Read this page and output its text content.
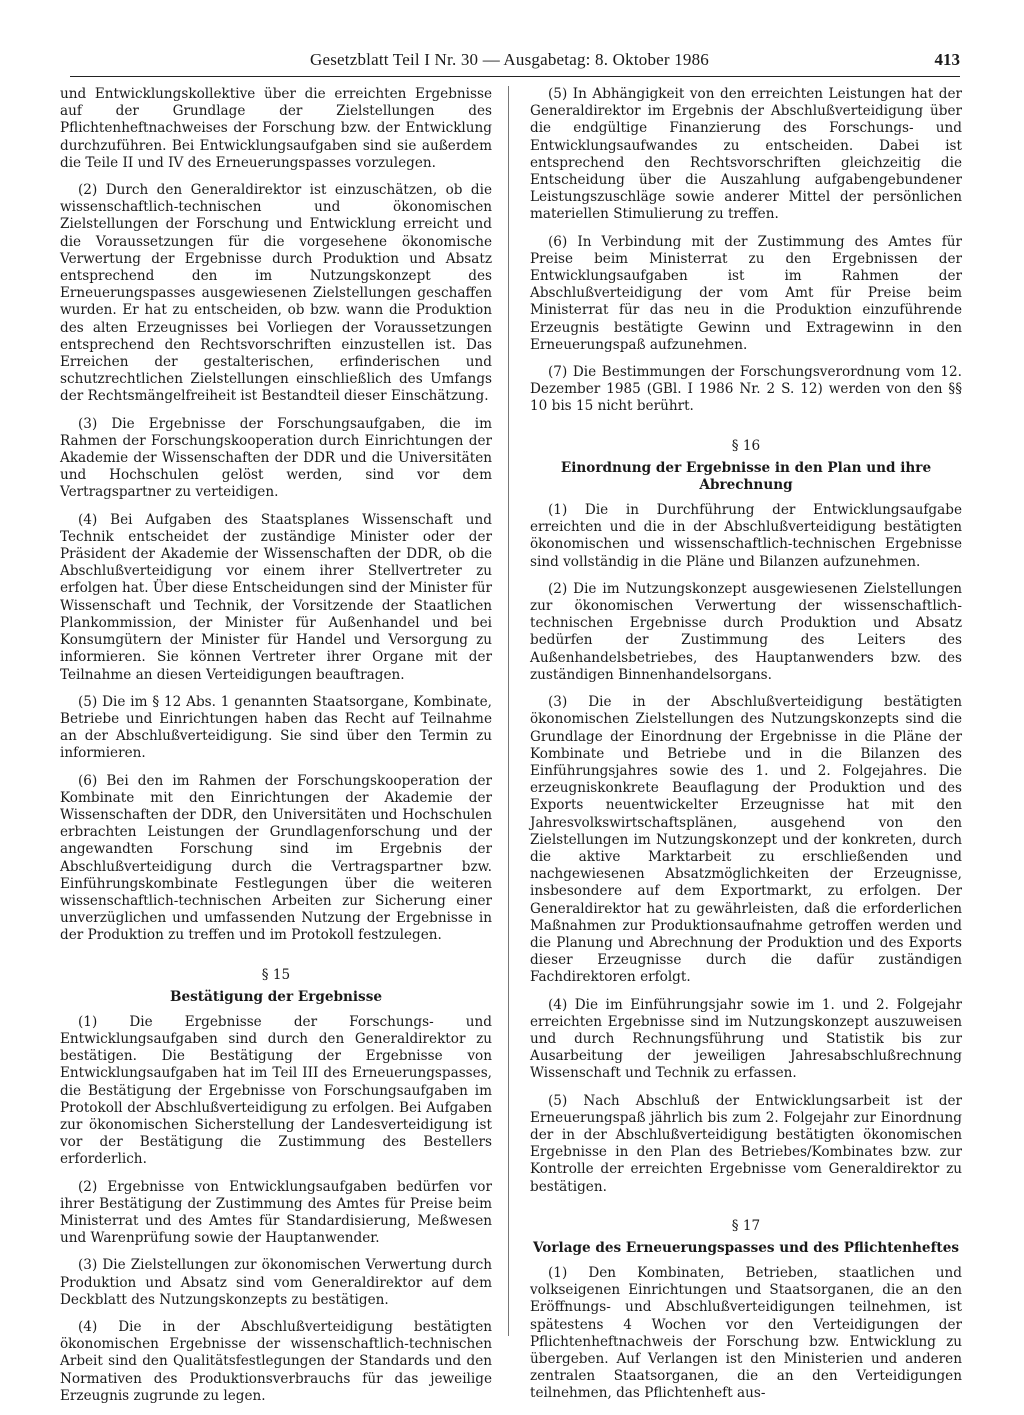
Gesetzblatt Teil I Nr. 30 — Ausgabetag: 8. Oktober 1986	413

und Entwicklungskollektive über die erreichten Ergebnisse auf der Grundlage der Zielstellungen des Pflichtenheftnachweises der Forschung bzw. der Entwicklung durchzuführen. Bei Entwicklungsaufgaben sind sie außerdem die Teile II und IV des Erneuerungspasses vorzulegen.

(2) Durch den Generaldirektor ist einzuschätzen, ob die wissenschaftlich-technischen und ökonomischen Zielstellungen der Forschung und Entwicklung erreicht und die Voraussetzungen für die vorgesehene ökonomische Verwertung der Ergebnisse durch Produktion und Absatz entsprechend den im Nutzungskonzept des Erneuerungspasses ausgewiesenen Zielstellungen geschaffen wurden. Er hat zu entscheiden, ob bzw. wann die Produktion des alten Erzeugnisses bei Vorliegen der Voraussetzungen entsprechend den Rechtsvorschriften einzustellen ist. Das Erreichen der gestalterischen, erfinderischen und schutzrechtlichen Zielstellungen einschließlich des Umfangs der Rechtsmängelfreiheit ist Bestandteil dieser Einschätzung.

(3) Die Ergebnisse der Forschungsaufgaben, die im Rahmen der Forschungskooperation durch Einrichtungen der Akademie der Wissenschaften der DDR und die Universitäten und Hochschulen gelöst werden, sind vor dem Vertragspartner zu verteidigen.

(4) Bei Aufgaben des Staatsplanes Wissenschaft und Technik entscheidet der zuständige Minister oder der Präsident der Akademie der Wissenschaften der DDR, ob die Abschlußverteidigung vor einem ihrer Stellvertreter zu erfolgen hat. Über diese Entscheidungen sind der Minister für Wissenschaft und Technik, der Vorsitzende der Staatlichen Plankommission, der Minister für Außenhandel und bei Konsumgütern der Minister für Handel und Versorgung zu informieren. Sie können Vertreter ihrer Organe mit der Teilnahme an diesen Verteidigungen beauftragen.

(5) Die im § 12 Abs. 1 genannten Staatsorgane, Kombinate, Betriebe und Einrichtungen haben das Recht auf Teilnahme an der Abschlußverteidigung. Sie sind über den Termin zu informieren.

(6) Bei den im Rahmen der Forschungskooperation der Kombinate mit den Einrichtungen der Akademie der Wissenschaften der DDR, den Universitäten und Hochschulen erbrachten Leistungen der Grundlagenforschung und der angewandten Forschung sind im Ergebnis der Abschlußverteidigung durch die Vertragspartner bzw. Einführungskombinate Festlegungen über die weiteren wissenschaftlich-technischen Arbeiten zur Sicherung einer unverzüglichen und umfassenden Nutzung der Ergebnisse in der Produktion zu treffen und im Protokoll festzulegen.

§ 15
Bestätigung der Ergebnisse

(1) Die Ergebnisse der Forschungs- und Entwicklungsaufgaben sind durch den Generaldirektor zu bestätigen. Die Bestätigung der Ergebnisse von Entwicklungsaufgaben hat im Teil III des Erneuerungspasses, die Bestätigung der Ergebnisse von Forschungsaufgaben im Protokoll der Abschlußverteidigung zu erfolgen. Bei Aufgaben zur ökonomischen Sicherstellung der Landesverteidigung ist vor der Bestätigung die Zustimmung des Bestellers erforderlich.

(2) Ergebnisse von Entwicklungsaufgaben bedürfen vor ihrer Bestätigung der Zustimmung des Amtes für Preise beim Ministerrat und des Amtes für Standardisierung, Meßwesen und Warenprüfung sowie der Hauptanwender.

(3) Die Zielstellungen zur ökonomischen Verwertung durch Produktion und Absatz sind vom Generaldirektor auf dem Deckblatt des Nutzungskonzepts zu bestätigen.

(4) Die in der Abschlußverteidigung bestätigten ökonomischen Ergebnisse der wissenschaftlich-technischen Arbeit sind den Qualitätsfestlegungen der Standards und den Normativen des Produktionsverbrauchs für das jeweilige Erzeugnis zugrunde zu legen.

(5) In Abhängigkeit von den erreichten Leistungen hat der Generaldirektor im Ergebnis der Abschlußverteidigung über die endgültige Finanzierung des Forschungs- und Entwicklungsaufwandes zu entscheiden. Dabei ist entsprechend den Rechtsvorschriften gleichzeitig die Entscheidung über die Auszahlung aufgabengebundener Leistungszuschläge sowie anderer Mittel der persönlichen materiellen Stimulierung zu treffen.

(6) In Verbindung mit der Zustimmung des Amtes für Preise beim Ministerrat zu den Ergebnissen der Entwicklungsaufgaben ist im Rahmen der Abschlußverteidigung der vom Amt für Preise beim Ministerrat für das neu in die Produktion einzuführende Erzeugnis bestätigte Gewinn und Extragewinn in den Erneuerungspaß aufzunehmen.

(7) Die Bestimmungen der Forschungsverordnung vom 12. Dezember 1985 (GBl. I 1986 Nr. 2 S. 12) werden von den §§ 10 bis 15 nicht berührt.

§ 16
Einordnung der Ergebnisse in den Plan und ihre Abrechnung

(1) Die in Durchführung der Entwicklungsaufgabe erreichten und die in der Abschlußverteidigung bestätigten ökonomischen und wissenschaftlich-technischen Ergebnisse sind vollständig in die Pläne und Bilanzen aufzunehmen.

(2) Die im Nutzungskonzept ausgewiesenen Zielstellungen zur ökonomischen Verwertung der wissenschaftlich-technischen Ergebnisse durch Produktion und Absatz bedürfen der Zustimmung des Leiters des Außenhandelsbetriebes, des Hauptanwenders bzw. des zuständigen Binnenhandelsorgans.

(3) Die in der Abschlußverteidigung bestätigten ökonomischen Zielstellungen des Nutzungskonzepts sind die Grundlage der Einordnung der Ergebnisse in die Pläne der Kombinate und Betriebe und in die Bilanzen des Einführungsjahres sowie des 1. und 2. Folgejahres. Die erzeugniskonkrete Beauflagung der Produktion und des Exports neuentwickelter Erzeugnisse hat mit den Jahresvolkswirtschaftsplänen, ausgehend von den Zielstellungen im Nutzungskonzept und der konkreten, durch die aktive Marktarbeit zu erschließenden und nachgewiesenen Absatzmöglichkeiten der Erzeugnisse, insbesondere auf dem Exportmarkt, zu erfolgen. Der Generaldirektor hat zu gewährleisten, daß die erforderlichen Maßnahmen zur Produktionsaufnahme getroffen werden und die Planung und Abrechnung der Produktion und des Exports dieser Erzeugnisse durch die dafür zuständigen Fachdirektoren erfolgt.

(4) Die im Einführungsjahr sowie im 1. und 2. Folgejahr erreichten Ergebnisse sind im Nutzungskonzept auszuweisen und durch Rechnungsführung und Statistik bis zur Ausarbeitung der jeweiligen Jahresabschlußrechnung Wissenschaft und Technik zu erfassen.

(5) Nach Abschluß der Entwicklungsarbeit ist der Erneuerungspaß jährlich bis zum 2. Folgejahr zur Einordnung der in der Abschlußverteidigung bestätigten ökonomischen Ergebnisse in den Plan des Betriebes/Kombinates bzw. zur Kontrolle der erreichten Ergebnisse vom Generaldirektor zu bestätigen.

§ 17
Vorlage des Erneuerungspasses und des Pflichtenheftes

(1) Den Kombinaten, Betrieben, staatlichen und volkseigenen Einrichtungen und Staatsorganen, die an den Eröffnungs- und Abschlußverteidigungen teilnehmen, ist spätestens 4 Wochen vor den Verteidigungen der Pflichtenheftnachweis der Forschung bzw. Entwicklung zu übergeben. Auf Verlangen ist den Ministerien und anderen zentralen Staatsorganen, die an den Verteidigungen teilnehmen, das Pflichtenheft aus-
